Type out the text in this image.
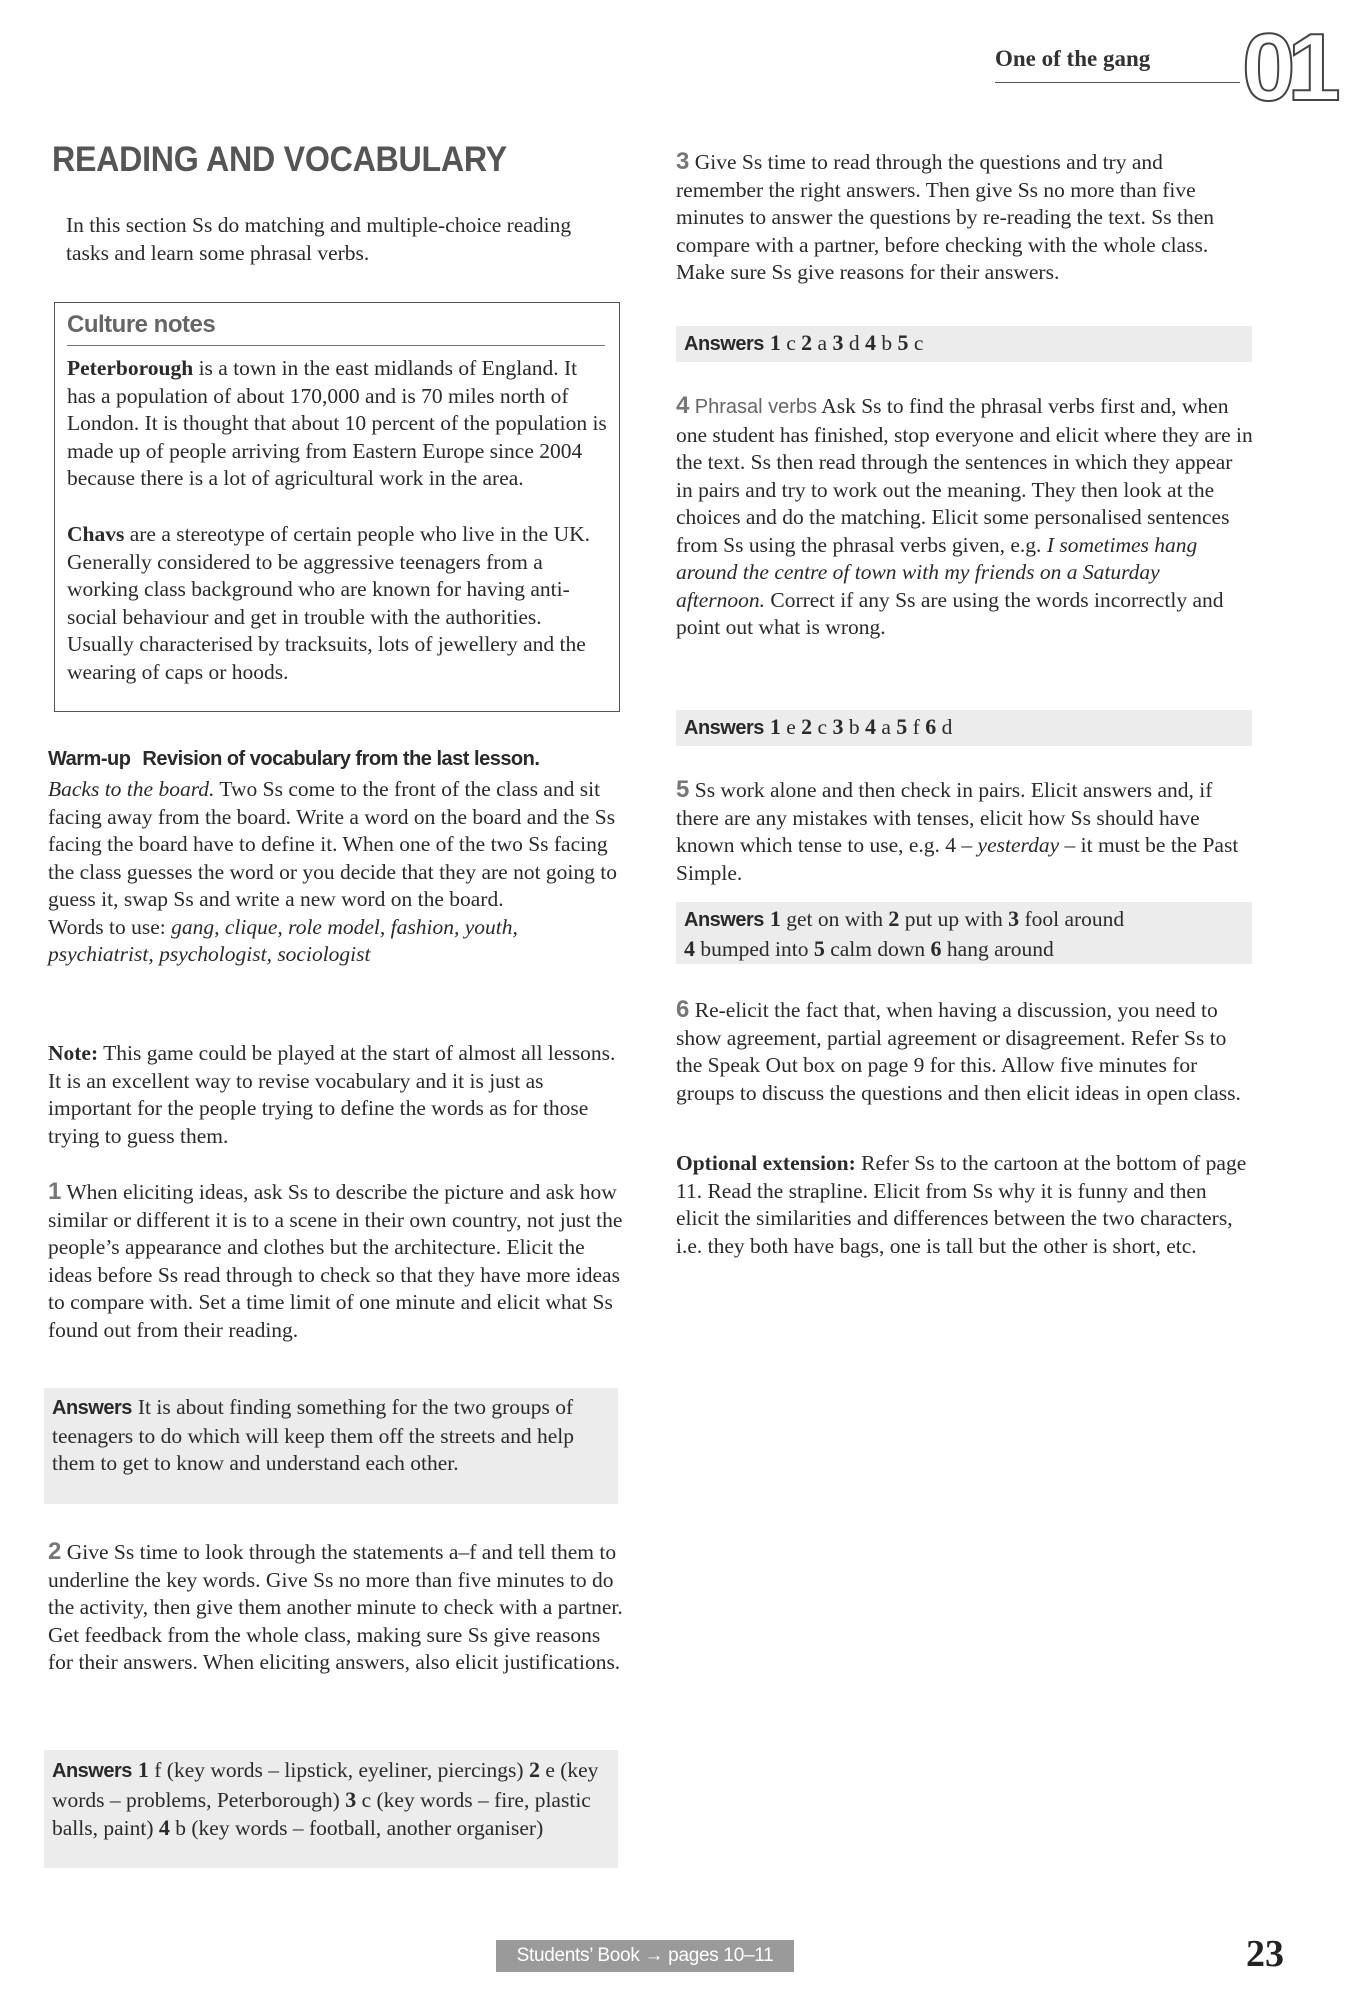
One of the gang 01
READING AND VOCABULARY

In this section Ss do matching and multiple-choice reading tasks and learn some phrasal verbs.

Culture notes

Peterborough is a town in the east midlands of England. It has a population of about 170,000 and is 70 miles north of London. It is thought that about 10 percent of the population is made up of people arriving from Eastern Europe since 2004 because there is a lot of agricultural work in the area.

Chavs are a stereotype of certain people who live in the UK. Generally considered to be aggressive teenagers from a working class background who are known for having anti-social behaviour and get in trouble with the authorities. Usually characterised by tracksuits, lots of jewellery and the wearing of caps or hoods.

Warm-up Revision of vocabulary from the last lesson.

Backs to the board. Two Ss come to the front of the class and sit facing away from the board. Write a word on the board and the Ss facing the board have to define it. When one of the two Ss facing the class guesses the word or you decide that they are not going to guess it, swap Ss and write a new word on the board.
Words to use: gang, clique, role model, fashion, youth, psychiatrist, psychologist, sociologist

Note: This game could be played at the start of almost all lessons. It is an excellent way to revise vocabulary and it is just as important for the people trying to define the words as for those trying to guess them.

1 When eliciting ideas, ask Ss to describe the picture and ask how similar or different it is to a scene in their own country, not just the people’s appearance and clothes but the architecture. Elicit the ideas before Ss read through to check so that they have more ideas to compare with. Set a time limit of one minute and elicit what Ss found out from their reading.

Answers It is about finding something for the two groups of teenagers to do which will keep them off the streets and help them to get to know and understand each other.

2 Give Ss time to look through the statements a–f and tell them to underline the key words. Give Ss no more than five minutes to do the activity, then give them another minute to check with a partner. Get feedback from the whole class, making sure Ss give reasons for their answers. When eliciting answers, also elicit justifications.

Answers 1 f (key words – lipstick, eyeliner, piercings) 2 e (key words – problems, Peterborough) 3 c (key words – fire, plastic balls, paint) 4 b (key words – football, another organiser)

3 Give Ss time to read through the questions and try and remember the right answers. Then give Ss no more than five minutes to answer the questions by re-reading the text. Ss then compare with a partner, before checking with the whole class. Make sure Ss give reasons for their answers.

Answers 1 c 2 a 3 d 4 b 5 c

4 Phrasal verbs Ask Ss to find the phrasal verbs first and, when one student has finished, stop everyone and elicit where they are in the text. Ss then read through the sentences in which they appear in pairs and try to work out the meaning. They then look at the choices and do the matching. Elicit some personalised sentences from Ss using the phrasal verbs given, e.g. I sometimes hang around the centre of town with my friends on a Saturday afternoon. Correct if any Ss are using the words incorrectly and point out what is wrong.

Answers 1 e 2 c 3 b 4 a 5 f 6 d

5 Ss work alone and then check in pairs. Elicit answers and, if there are any mistakes with tenses, elicit how Ss should have known which tense to use, e.g. 4 – yesterday – it must be the Past Simple.

Answers 1 get on with 2 put up with 3 fool around
4 bumped into 5 calm down 6 hang around

6 Re-elicit the fact that, when having a discussion, you need to show agreement, partial agreement or disagreement. Refer Ss to the Speak Out box on page 9 for this. Allow five minutes for groups to discuss the questions and then elicit ideas in open class.

Optional extension: Refer Ss to the cartoon at the bottom of page 11. Read the strapline. Elicit from Ss why it is funny and then elicit the similarities and differences between the two characters, i.e. they both have bags, one is tall but the other is short, etc.

Students’ Book → pages 10–11	23
